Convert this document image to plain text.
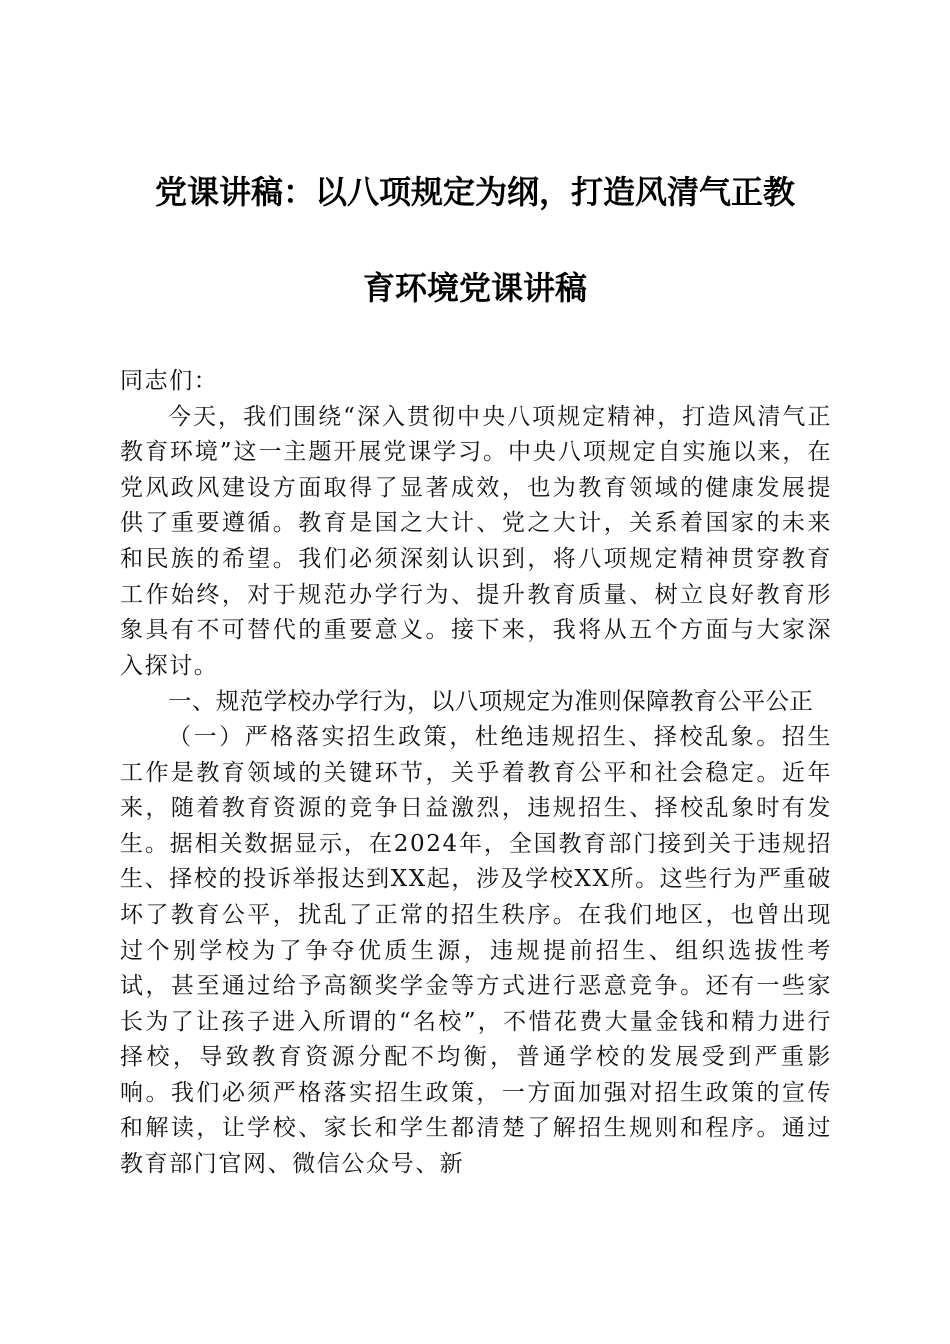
党课讲稿：以八项规定为纲，打造风清气正教
育环境党课讲稿

同志们：

今天，我们围绕“深入贯彻中央八项规定精神，打造风清气正教育环境”这一主题开展党课学习。中央八项规定自实施以来，在党风政风建设方面取得了显著成效，也为教育领域的健康发展提供了重要遵循。教育是国之大计、党之大计，关系着国家的未来和民族的希望。我们必须深刻认识到，将八项规定精神贯穿教育工作始终，对于规范办学行为、提升教育质量、树立良好教育形象具有不可替代的重要意义。接下来，我将从五个方面与大家深入探讨。

一、规范学校办学行为，以八项规定为准则保障教育公平公正

（一）严格落实招生政策，杜绝违规招生、择校乱象。招生工作是教育领域的关键环节，关乎着教育公平和社会稳定。近年来，随着教育资源的竞争日益激烈，违规招生、择校乱象时有发生。据相关数据显示，在2024年，全国教育部门接到关于违规招生、择校的投诉举报达到XX起，涉及学校XX所。这些行为严重破坏了教育公平，扰乱了正常的招生秩序。在我们地区，也曾出现过个别学校为了争夺优质生源，违规提前招生、组织选拔性考试，甚至通过给予高额奖学金等方式进行恶意竞争。还有一些家长为了让孩子进入所谓的“名校”，不惜花费大量金钱和精力进行择校，导致教育资源分配不均衡，普通学校的发展受到严重影响。我们必须严格落实招生政策，一方面加强对招生政策的宣传和解读，让学校、家长和学生都清楚了解招生规则和程序。通过教育部门官网、微信公众号、新
